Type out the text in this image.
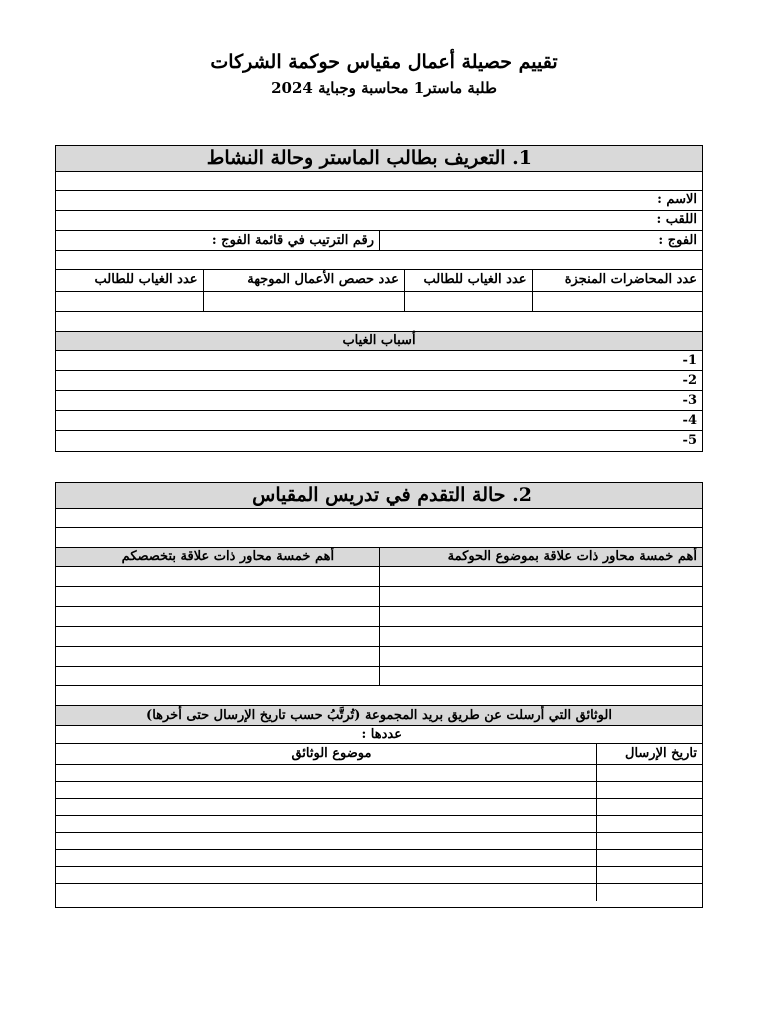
تقييم حصيلة أعمال مقياس حوكمة الشركات
طلبة ماستر1 محاسبة وجباية 2024
1. التعريف بطالب الماستر وحالة النشاط
الاسم :
اللقب :
الفوج :
رقم الترتيب في قائمة الفوج :
عدد المحاضرات المنجزة
عدد الغياب للطالب
عدد حصص الأعمال الموجهة
عدد الغياب للطالب
أسباب الغياب
1-
2-
3-
4-
5-
2. حالة التقدم في تدريس المقياس
أهم خمسة محاور ذات علاقة بموضوع الحوكمة
أهم خمسة محاور ذات علاقة بتخصصكم
الوثائق التي أرسلت عن طريق بريد المجموعة (تُرتَّبُ حسب تاريخ الإرسال حتى أخرها)
عددها :
تاريخ الإرسال
موضوع الوثائق
